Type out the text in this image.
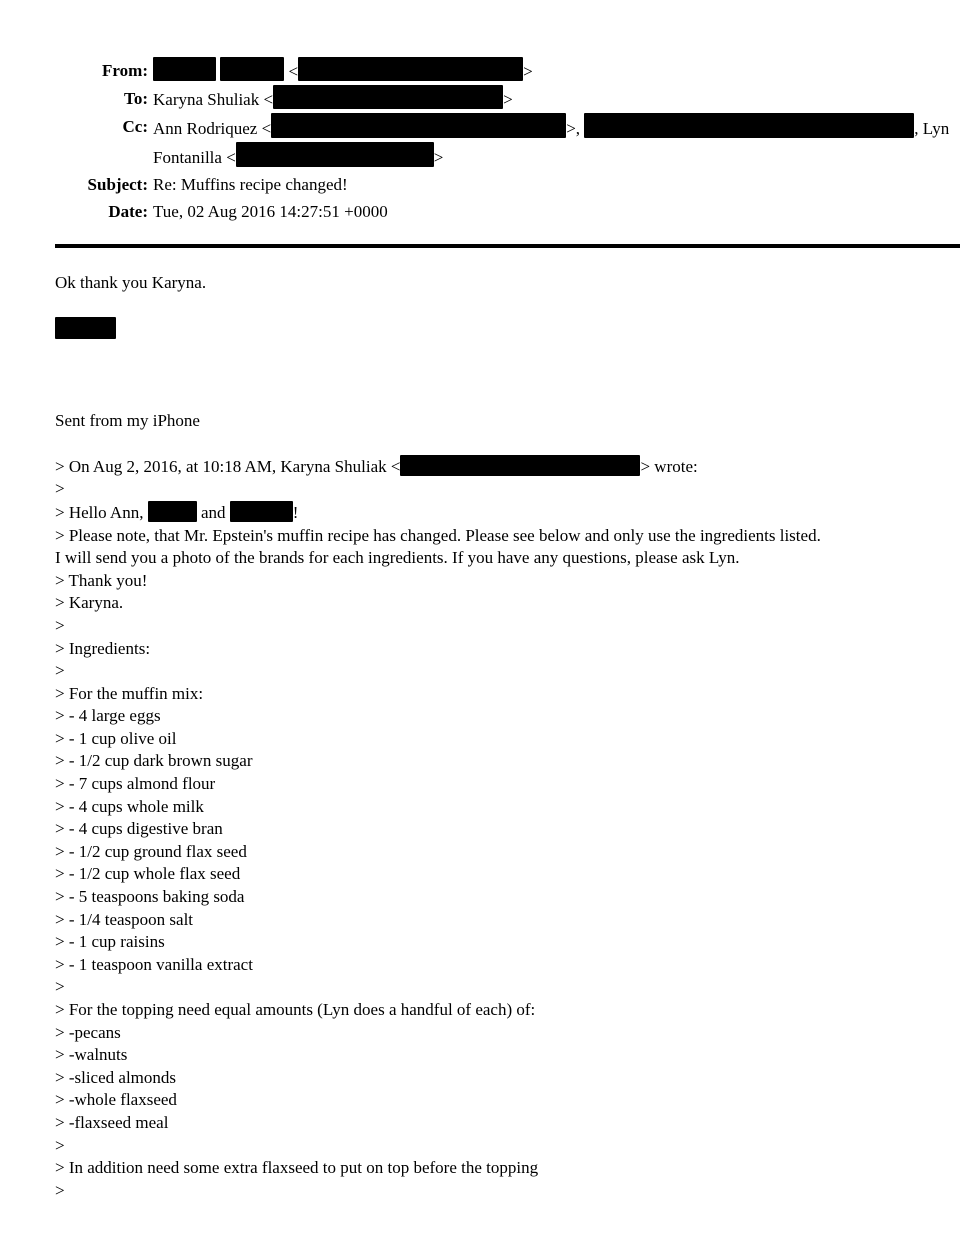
From:	<	>
To: Karyna Shuliak <	>
Cc: Ann Rodriquez <	>,	, Lyn
Fontanilla <	>
Subject: Re: Muffins recipe changed!
Date: Tue, 02 Aug 2016 14:27:51 +0000
Ok thank you Karyna.
Sent from my iPhone
> On Aug 2, 2016, at 10:18 AM, Karyna Shuliak <	> wrote:
>
> Hello Ann,	and	!
> Please note, that Mr. Epstein's muffin recipe has changed. Please see below and only use the ingredients listed.
I will send you a photo of the brands for each ingredients. If you have any questions, please ask Lyn.
> Thank you!
> Karyna.
>
> Ingredients:
>
> For the muffin mix:
> - 4 large eggs
> - 1 cup olive oil
> - 1/2 cup dark brown sugar
> - 7 cups almond flour
> - 4 cups whole milk
> - 4 cups digestive bran
> - 1/2 cup ground flax seed
> - 1/2 cup whole flax seed
> - 5 teaspoons baking soda
> - 1/4 teaspoon salt
> - 1 cup raisins
> - 1 teaspoon vanilla extract
>
> For the topping need equal amounts (Lyn does a handful of each) of:
> -pecans
> -walnuts
> -sliced almonds
> -whole flaxseed
> -flaxseed meal
>
> In addition need some extra flaxseed to put on top before the topping
>
